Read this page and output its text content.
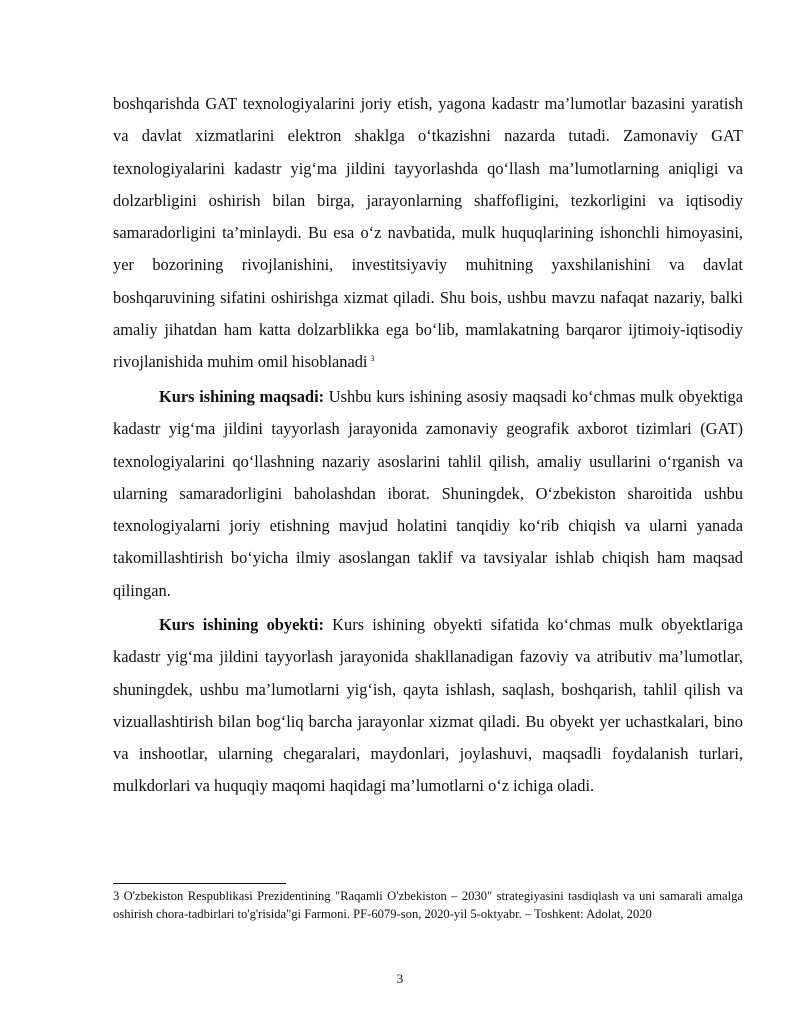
boshqarishda GAT texnologiyalarini joriy etish, yagona kadastr ma’lumotlar bazasini yaratish va davlat xizmatlarini elektron shaklga o‘tkazishni nazarda tutadi. Zamonaviy GAT texnologiyalarini kadastr yig‘ma jildini tayyorlashda qo‘llash ma’lumotlarning aniqligi va dolzarbligini oshirish bilan birga, jarayonlarning shaffofligini, tezkorligini va iqtisodiy samaradorligini ta’minlaydi. Bu esa o‘z navbatida, mulk huquqlarining ishonchli himoyasini, yer bozorining rivojlanishini, investitsiyaviy muhitning yaxshilanishini va davlat boshqaruvining sifatini oshirishga xizmat qiladi. Shu bois, ushbu mavzu nafaqat nazariy, balki amaliy jihatdan ham katta dolzarblikka ega bo‘lib, mamlakatning barqaror ijtimoiy-iqtisodiy rivojlanishida muhim omil hisoblanadi $^3$

Kurs ishining maqsadi: Ushbu kurs ishining asosiy maqsadi ko‘chmas mulk obyektiga kadastr yig‘ma jildini tayyorlash jarayonida zamonaviy geografik axborot tizimlari (GAT) texnologiyalarini qo‘llashning nazariy asoslarini tahlil qilish, amaliy usullarini o‘rganish va ularning samaradorligini baholashdan iborat. Shuningdek, O‘zbekiston sharoitida ushbu texnologiyalarni joriy etishning mavjud holatini tanqidiy ko‘rib chiqish va ularni yanada takomillashtirish bo‘yicha ilmiy asoslangan taklif va tavsiyalar ishlab chiqish ham maqsad qilingan.

Kurs ishining obyekti: Kurs ishining obyekti sifatida ko‘chmas mulk obyektlariga kadastr yig‘ma jildini tayyorlash jarayonida shakllanadigan fazoviy va atributiv ma’lumotlar, shuningdek, ushbu ma’lumotlarni yig‘ish, qayta ishlash, saqlash, boshqarish, tahlil qilish va vizuallashtirish bilan bog‘liq barcha jarayonlar xizmat qiladi. Bu obyekt yer uchastkalari, bino va inshootlar, ularning chegaralari, maydonlari, joylashuvi, maqsadli foydalanish turlari, mulkdorlari va huquqiy maqomi haqidagi ma’lumotlarni o‘z ichiga oladi.

3 O'zbekiston Respublikasi Prezidentining "Raqamli O'zbekiston – 2030" strategiyasini tasdiqlash va uni samarali amalga oshirish chora-tadbirlari to'g'risida"gi Farmoni. PF-6079-son, 2020-yil 5-oktyabr. – Toshkent: Adolat, 2020

3
